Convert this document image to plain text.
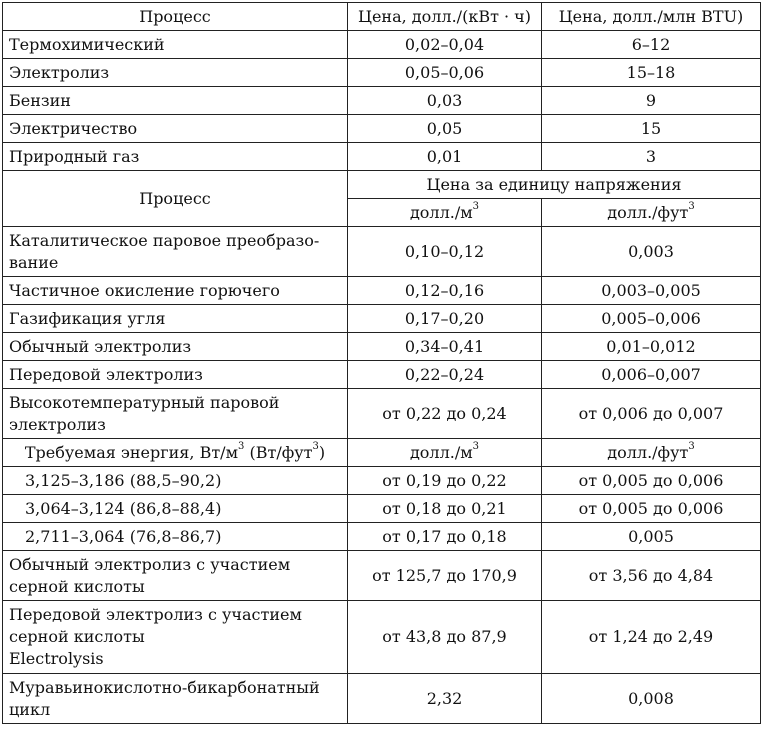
Процесс	Цена, долл./(кВт · ч)	Цена, долл./млн BTU)
Термохимический	0,02–0,04	6–12
Электролиз	0,05–0,06	15–18
Бензин	0,03	9
Электричество	0,05	15
Природный газ	0,01	3
Процесс	Цена за единицу напряжения	
	$долл./м^3$	долл./фут$^3$
Каталитическое паровое преобразо-
вание	0,10–0,12	0,003
Частичное окисление горючего	0,12–0,16	0,003–0,005
Газификация угля	0,17–0,20	0,005–0,006
Обычный электролиз	0,34–0,41	0,01–0,012
Передовой электролиз	0,22–0,24	0,006–0,007
Высокотемпературный паровой
электролиз	от 0,22 до 0,24	от 0,006 до 0,007
Требуемая энергия, $Вт/м^3$ (Вт/фут$^3$)	$долл./м^3$	долл./фут$^3$
3,125–3,186 (88,5–90,2)	от 0,19 до 0,22	от 0,005 до 0,006
3,064–3,124 (86,8–88,4)	от 0,18 до 0,21	от 0,005 до 0,006
2,711–3,064 (76,8–86,7)	от 0,17 до 0,18	0,005
Обычный электролиз с участием
серной кислоты	от 125,7 до 170,9	от 3,56 до 4,84
Передовой электролиз с участием
серной кислоты
Electrolysis	от 43,8 до 87,9	от 1,24 до 2,49
Муравьинокислотно-бикарбонатный
цикл	2,32	0,008
